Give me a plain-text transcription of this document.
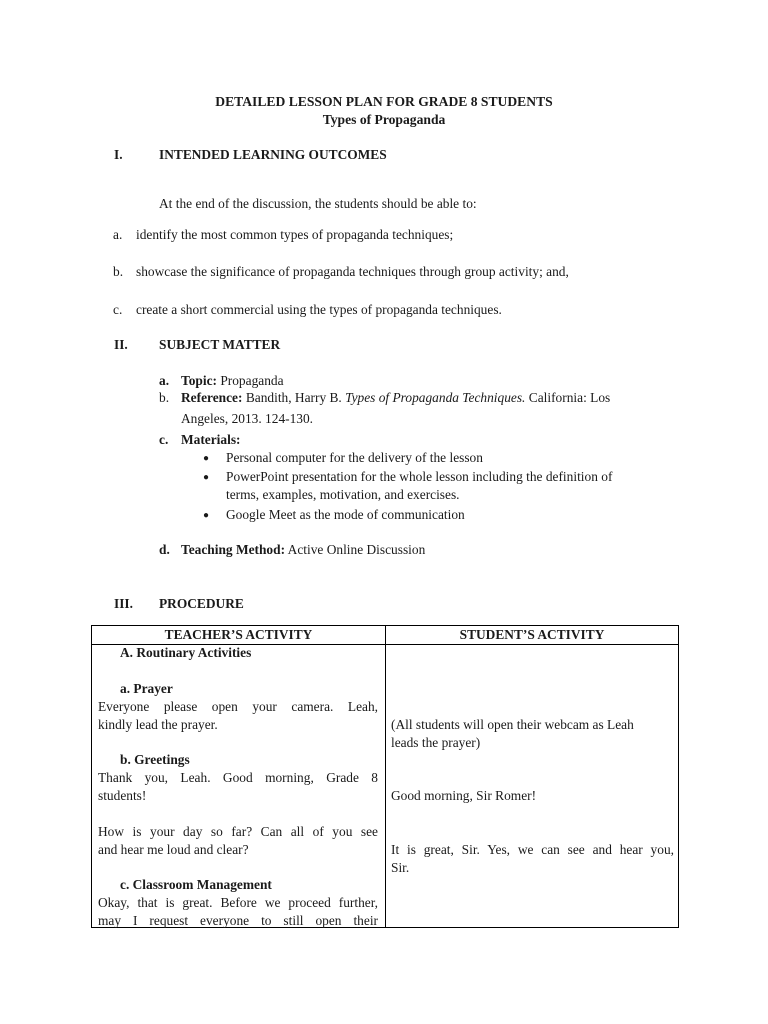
DETAILED LESSON PLAN FOR GRADE 8 STUDENTS
Types of Propaganda
I.	INTENDED LEARNING OUTCOMES
At the end of the discussion, the students should be able to:
a. identify the most common types of propaganda techniques;
b. showcase the significance of propaganda techniques through group activity; and,
c. create a short commercial using the types of propaganda techniques.
II. SUBJECT MATTER
a. Topic: Propaganda
b. Reference: Bandith, Harry B. Types of Propaganda Techniques. California: Los
Angeles, 2013. 124-130.
c. Materials:
● Personal computer for the delivery of the lesson
● PowerPoint presentation for the whole lesson including the definition of
terms, examples, motivation, and exercises.
● Google Meet as the mode of communication
d. Teaching Method: Active Online Discussion
III. PROCEDURE
TEACHER’S ACTIVITY	STUDENT’S ACTIVITY
A. Routinary Activities
a. Prayer
Everyone please open your camera. Leah,
kindly lead the prayer.
b. Greetings
Thank you, Leah. Good morning, Grade 8
students!
How is your day so far? Can all of you see
and hear me loud and clear?
c. Classroom Management
Okay, that is great. Before we proceed further,
may I request everyone to still open their
(All students will open their webcam as Leah
leads the prayer)
Good morning, Sir Romer!
It is great, Sir. Yes, we can see and hear you,
Sir.
